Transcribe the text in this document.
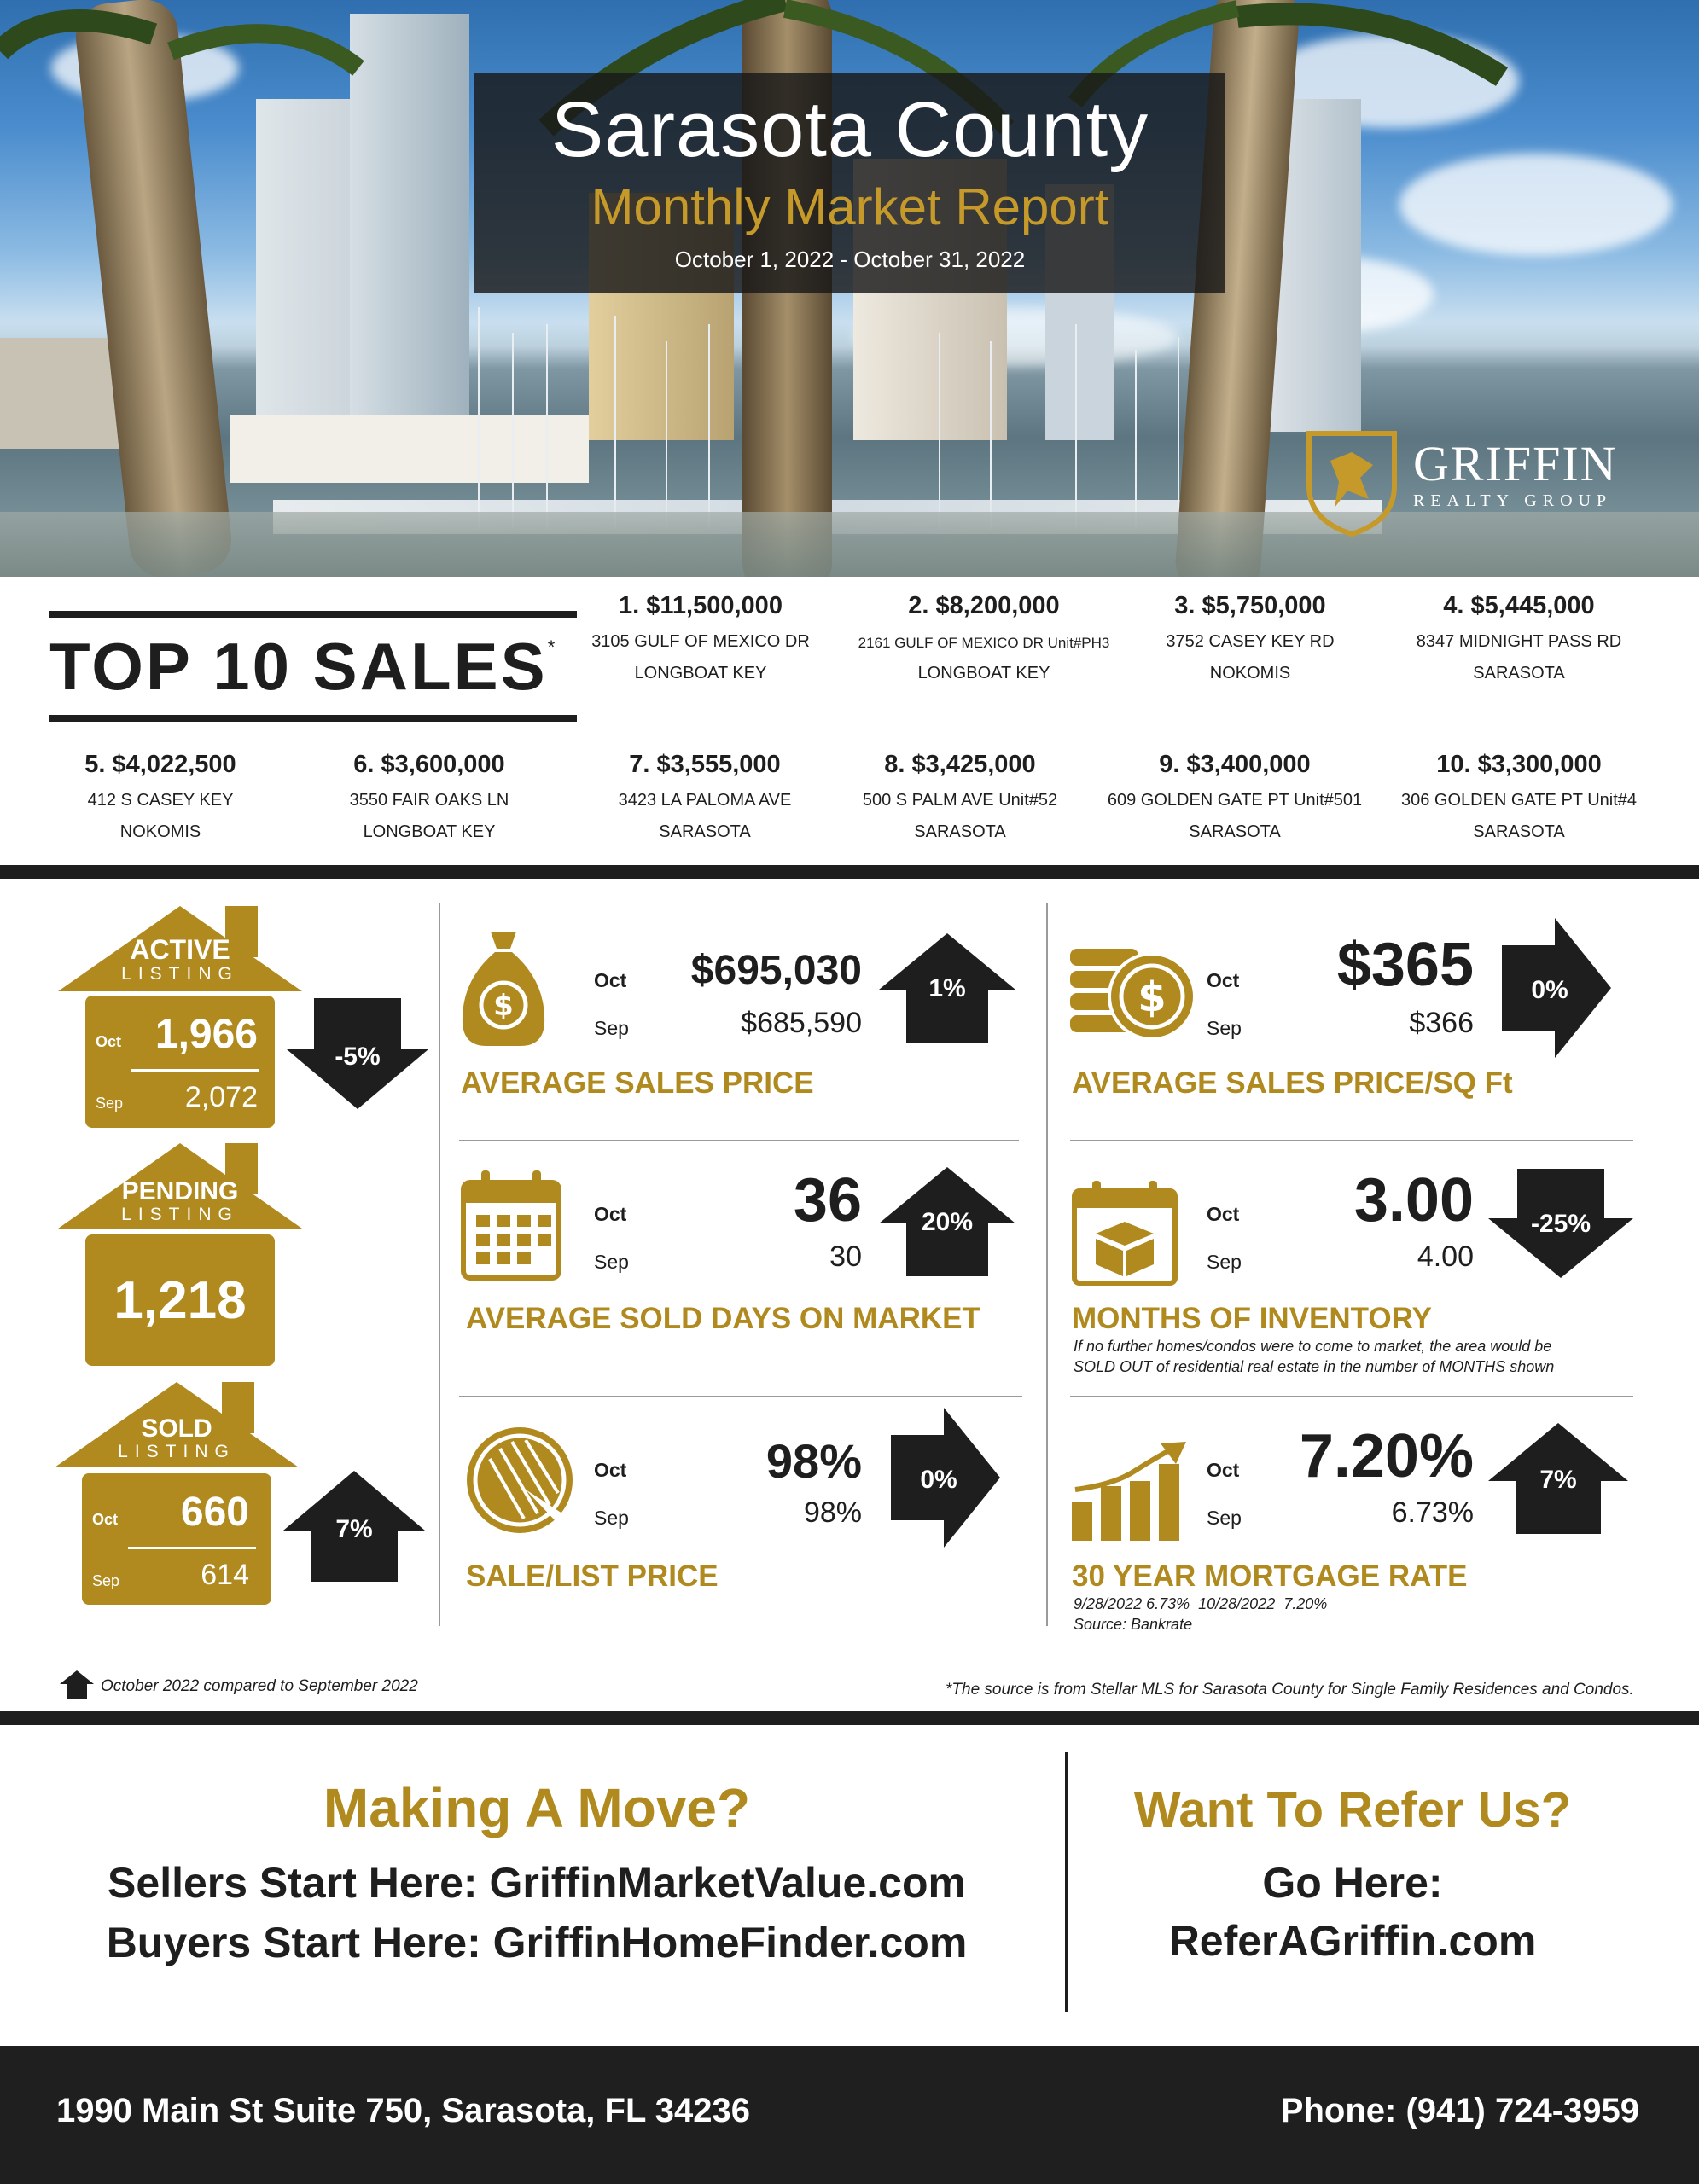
Sarasota County
Monthly Market Report
October 1, 2022 - October 31, 2022
GRIFFIN
REALTY GROUP
TOP 10 SALES*
1. $11,500,000
3105 GULF OF MEXICO DR
LONGBOAT KEY
2. $8,200,000
2161 GULF OF MEXICO DR Unit#PH3
LONGBOAT KEY
3. $5,750,000
3752 CASEY KEY RD
NOKOMIS
4. $5,445,000
8347 MIDNIGHT PASS RD
SARASOTA
5. $4,022,500
412 S CASEY KEY
NOKOMIS
6. $3,600,000
3550 FAIR OAKS LN
LONGBOAT KEY
7. $3,555,000
3423 LA PALOMA AVE
SARASOTA
8. $3,425,000
500 S PALM AVE Unit#52
SARASOTA
9. $3,400,000
609 GOLDEN GATE PT Unit#501
SARASOTA
10. $3,300,000
306 GOLDEN GATE PT Unit#4
SARASOTA
ACTIVE
LISTING
Oct 1,966
Sep 2,072
-5%
PENDING
LISTING
1,218
SOLD
LISTING
Oct 660
Sep	614
7%
$
Oct
Sep
$695,030
$685,590
1%
AVERAGE SALES PRICE
$ Oct
Sep
$365
$366
0%
AVERAGE SALES PRICE/SQ Ft
Oct
Sep
36
30
20%
AVERAGE SOLD DAYS ON MARKET
Oct
Sep
3.00
4.00
-25%
MONTHS OF INVENTORY
If no further homes/condos were to come to market, the area would be
SOLD OUT of residential real estate in the number of MONTHS shown
Oct
Sep
98%
98%
0%
SALE/LIST PRICE
Oct
Sep
7.20%
6.73%
7%
30 YEAR MORTGAGE RATE
9/28/2022 6.73%  10/28/2022  7.20%
Source: Bankrate
October 2022 compared to September 2022	*The source is from Stellar MLS for Sarasota County for Single Family Residences and Condos.
Making A Move?
Sellers Start Here: GriffinMarketValue.com
Buyers Start Here: GriffinHomeFinder.com
Want To Refer Us?
Go Here:
ReferAGriffin.com
1990 Main St Suite 750, Sarasota, FL 34236	Phone: (941) 724-3959
